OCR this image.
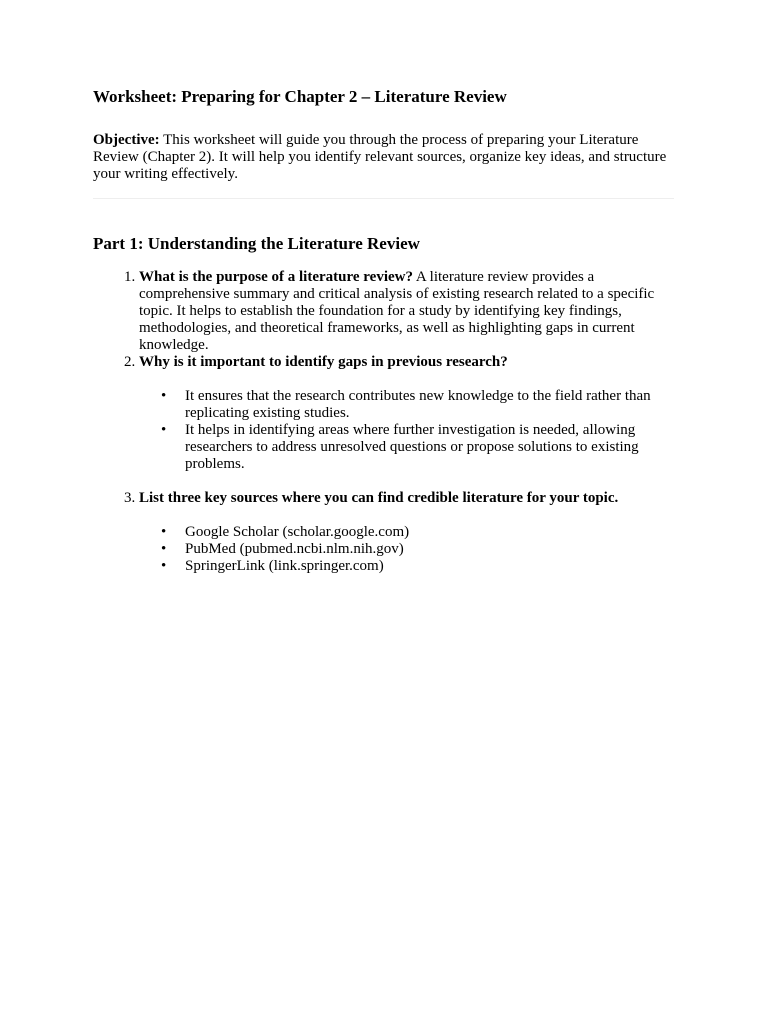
Worksheet: Preparing for Chapter 2 – Literature Review

Objective: This worksheet will guide you through the process of preparing your Literature Review (Chapter 2). It will help you identify relevant sources, organize key ideas, and structure your writing effectively.

Part 1: Understanding the Literature Review
1. What is the purpose of a literature review? A literature review provides a comprehensive summary and critical analysis of existing research related to a specific topic. It helps to establish the foundation for a study by identifying key findings, methodologies, and theoretical frameworks, as well as highlighting gaps in current knowledge.
2. Why is it important to identify gaps in previous research?
• It ensures that the research contributes new knowledge to the field rather than replicating existing studies.
• It helps in identifying areas where further investigation is needed, allowing researchers to address unresolved questions or propose solutions to existing problems.
3. List three key sources where you can find credible literature for your topic.
• Google Scholar (scholar.google.com)
• PubMed (pubmed.ncbi.nlm.nih.gov)
• SpringerLink (link.springer.com)
